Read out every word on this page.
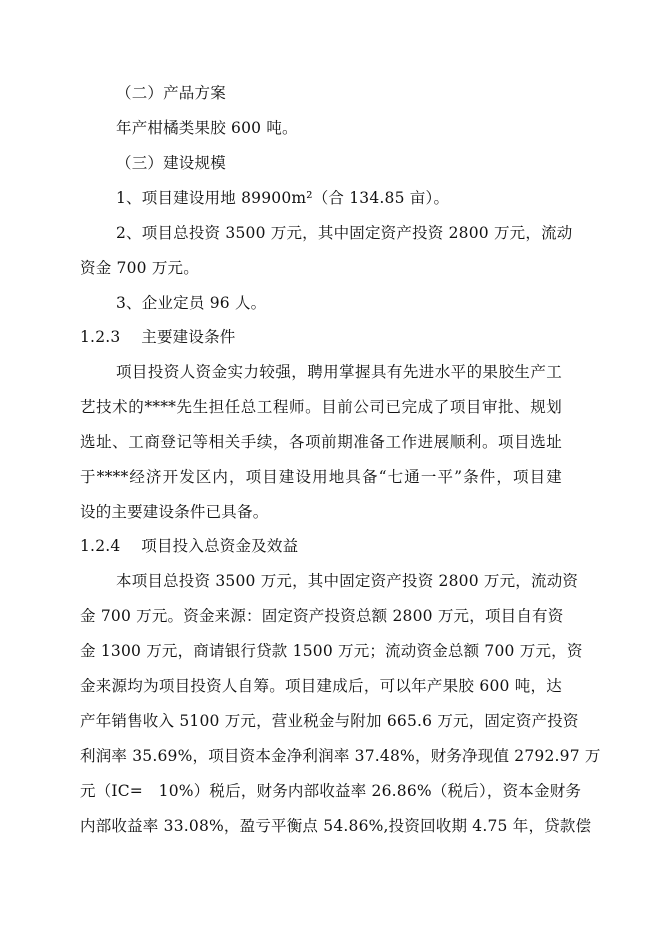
（二）产品方案
年产柑橘类果胶 600 吨。
（三）建设规模
1、项目建设用地 89900m²（合 134.85 亩）。
2、项目总投资 3500 万元，其中固定资产投资 2800 万元，流动
资金 700 万元。
3、企业定员 96 人。
1.2.3　 主要建设条件
项目投资人资金实力较强，聘用掌握具有先进水平的果胶生产工
艺技术的****先生担任总工程师。目前公司已完成了项目审批、规划
选址、工商登记等相关手续，各项前期准备工作进展顺利。项目选址
于****经济开发区内，项目建设用地具备“七通一平”条件，项目建
设的主要建设条件已具备。
1.2.4　 项目投入总资金及效益
本项目总投资 3500 万元，其中固定资产投资 2800 万元，流动资
金 700 万元。资金来源：固定资产投资总额 2800 万元，项目自有资
金 1300 万元，商请银行贷款 1500 万元；流动资金总额 700 万元，资
金来源均为项目投资人自筹。项目建成后，可以年产果胶 600 吨，达
产年销售收入 5100 万元，营业税金与附加 665.6 万元，固定资产投资
利润率 35.69%，项目资本金净利润率 37.48%，财务净现值 2792.97 万
元（IC=　10%）税后，财务内部收益率 26.86%（税后），资本金财务
内部收益率 33.08%，盈亏平衡点 54.86%,投资回收期 4.75 年，贷款偿
